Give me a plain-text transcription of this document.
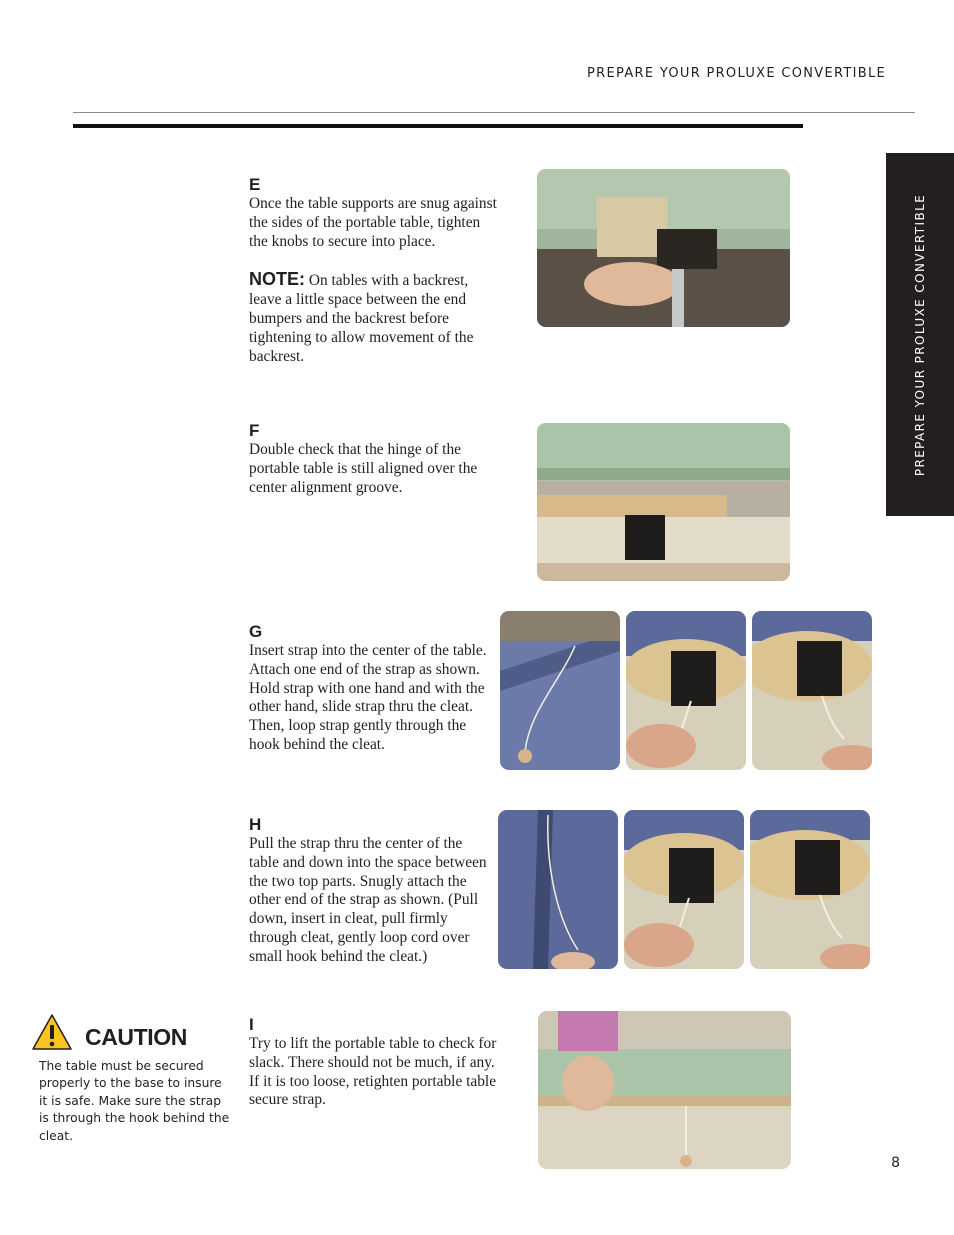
PREPARE YOUR PROLUXE CONVERTIBLE
PREPARE YOUR PROLUXE CONVERTIBLE
E

Once the table supports are snug against the sides of the portable table, tighten the knobs to secure into place.

NOTE: On tables with a backrest, leave a little space between the end bumpers and the backrest before tightening to allow movement of the backrest.

F

Double check that the hinge of the portable table is still aligned over the center alignment groove.

G

Insert strap into the center of the table. Attach one end of the strap as shown. Hold strap with one hand and with the other hand, slide strap thru the cleat. Then, loop strap gently through the hook behind the cleat.

H

Pull the strap thru the center of the table and down into the space between the two top parts. Snugly attach the other end of the strap as shown. (Pull down, insert in cleat, pull firmly through cleat, gently loop cord over small hook behind the cleat.)

I

Try to lift the portable table to check for slack. There should not be much, if any. If it is too loose, retighten portable table secure strap.

CAUTION
The table must be secured properly to the base to insure it is safe. Make sure the strap is through the hook behind the cleat.
8
